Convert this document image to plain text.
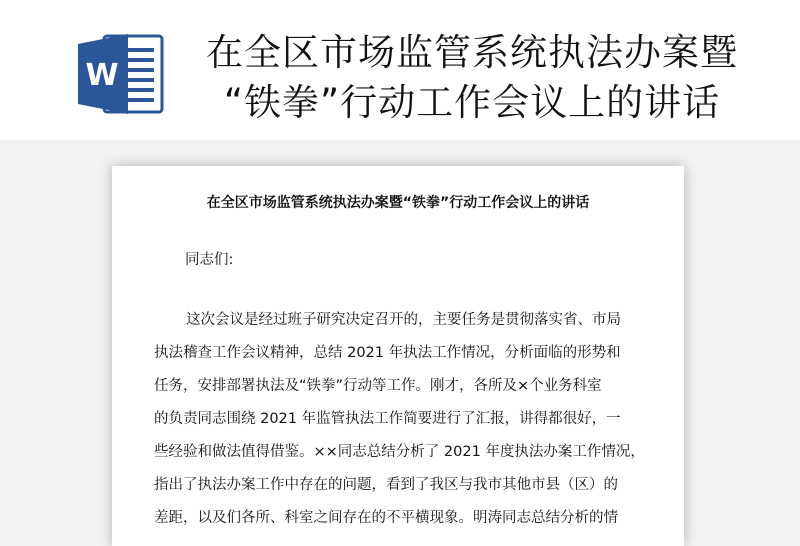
W
在全区市场监管系统执法办案暨
“铁拳”行动工作会议上的讲话
在全区市场监管系统执法办案暨“铁拳”行动工作会议上的讲话
同志们:
这次会议是经过班子研究决定召开的，主要任务是贯彻落实省、市局
执法稽查工作会议精神，总结 2021 年执法工作情况，分析面临的形势和
任务，安排部署执法及“铁拳”行动等工作。刚才，各所及×个业务科室
的负责同志围绕 2021 年监管执法工作简要进行了汇报，讲得都很好，一
些经验和做法值得借鉴。××同志总结分析了 2021 年度执法办案工作情况，
指出了执法办案工作中存在的问题，看到了我区与我市其他市县（区）的
差距，以及们各所、科室之间存在的不平横现象。明涛同志总结分析的情
